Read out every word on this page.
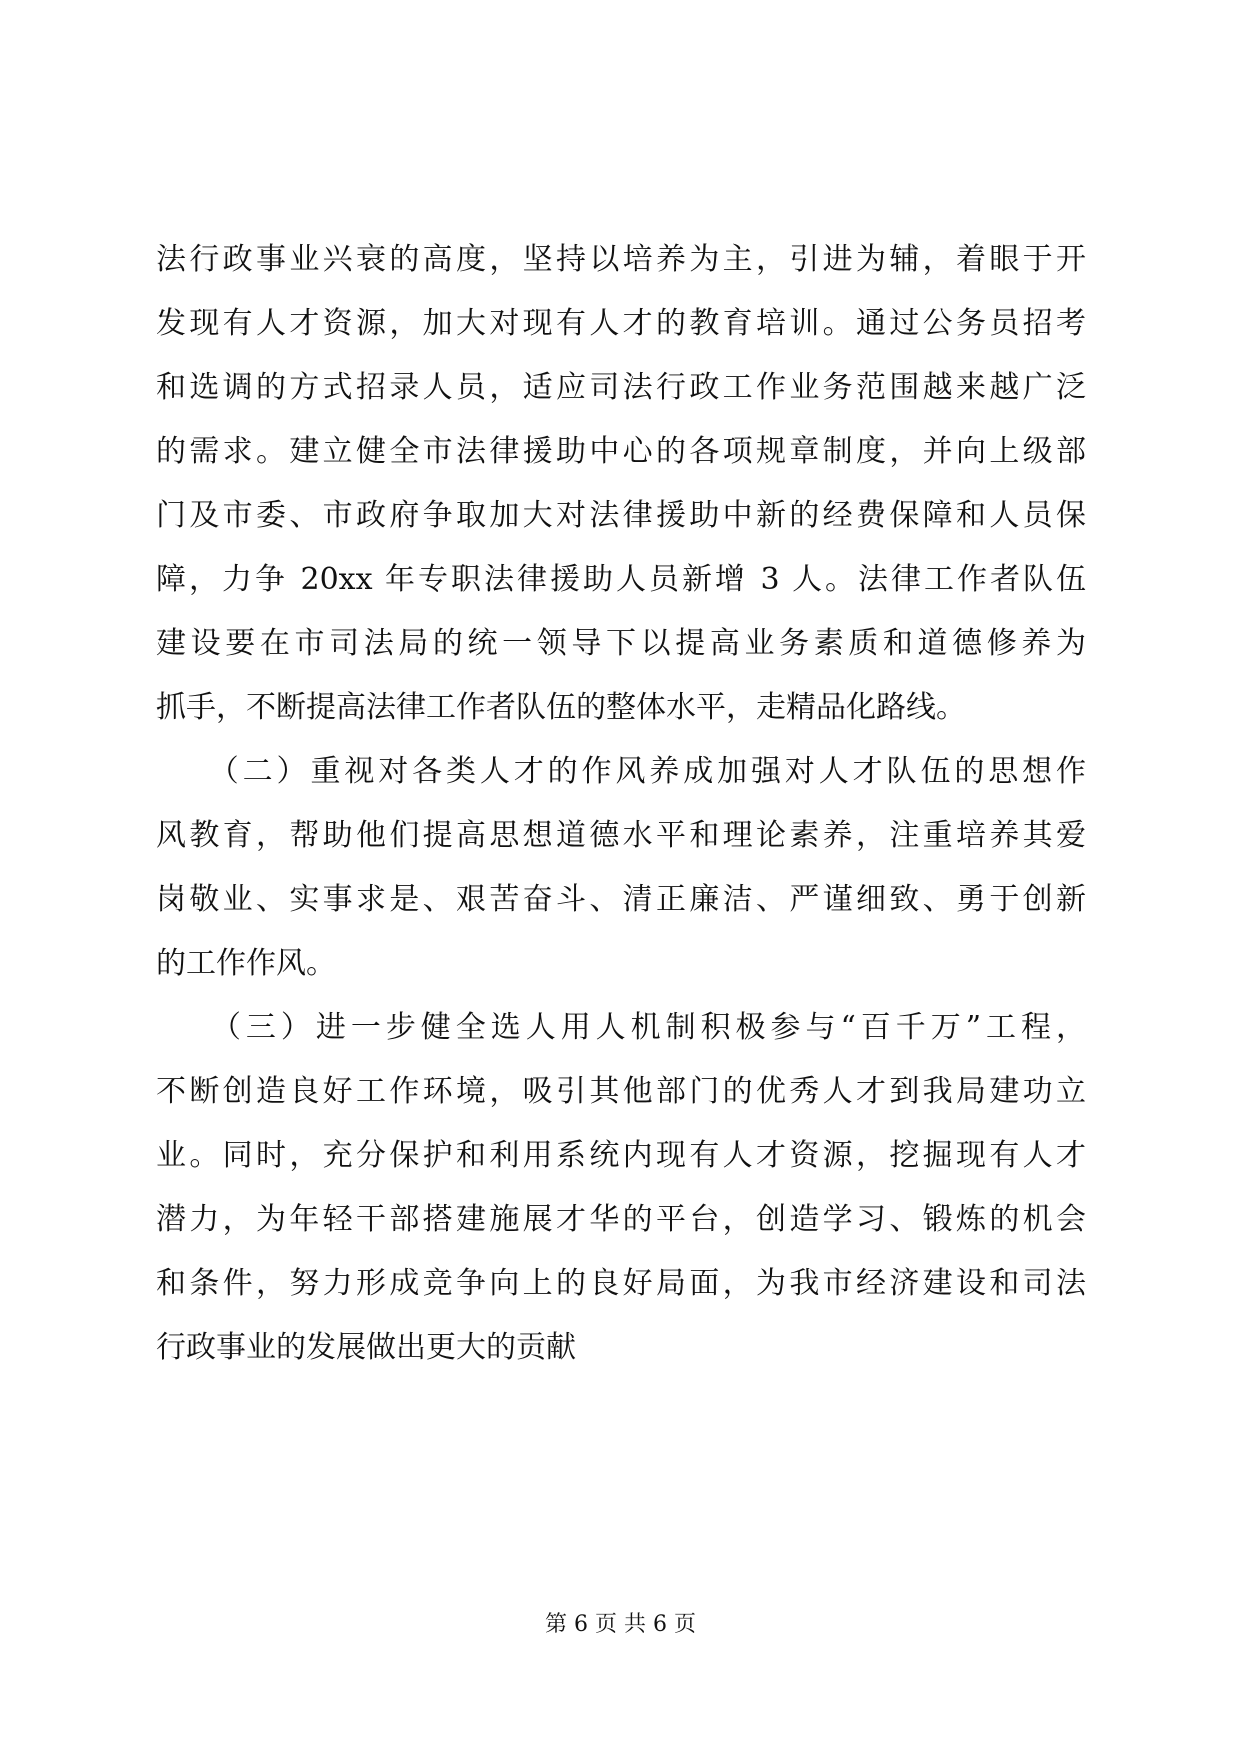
法行政事业兴衰的高度，坚持以培养为主，引进为辅，着眼于开
发现有人才资源，加大对现有人才的教育培训。通过公务员招考
和选调的方式招录人员，适应司法行政工作业务范围越来越广泛
的需求。建立健全市法律援助中心的各项规章制度，并向上级部
门及市委、市政府争取加大对法律援助中新的经费保障和人员保
障，力争 20xx 年专职法律援助人员新增 3 人。法律工作者队伍
建设要在市司法局的统一领导下以提高业务素质和道德修养为
抓手，不断提高法律工作者队伍的整体水平，走精品化路线。
　　（二）重视对各类人才的作风养成加强对人才队伍的思想作
风教育，帮助他们提高思想道德水平和理论素养，注重培养其爱
岗敬业、实事求是、艰苦奋斗、清正廉洁、严谨细致、勇于创新
的工作作风。
　　（三）进一步健全选人用人机制积极参与“百千万”工程，
不断创造良好工作环境，吸引其他部门的优秀人才到我局建功立
业。同时，充分保护和利用系统内现有人才资源，挖掘现有人才
潜力，为年轻干部搭建施展才华的平台，创造学习、锻炼的机会
和条件，努力形成竞争向上的良好局面，为我市经济建设和司法
行政事业的发展做出更大的贡献
第 6 页 共 6 页
